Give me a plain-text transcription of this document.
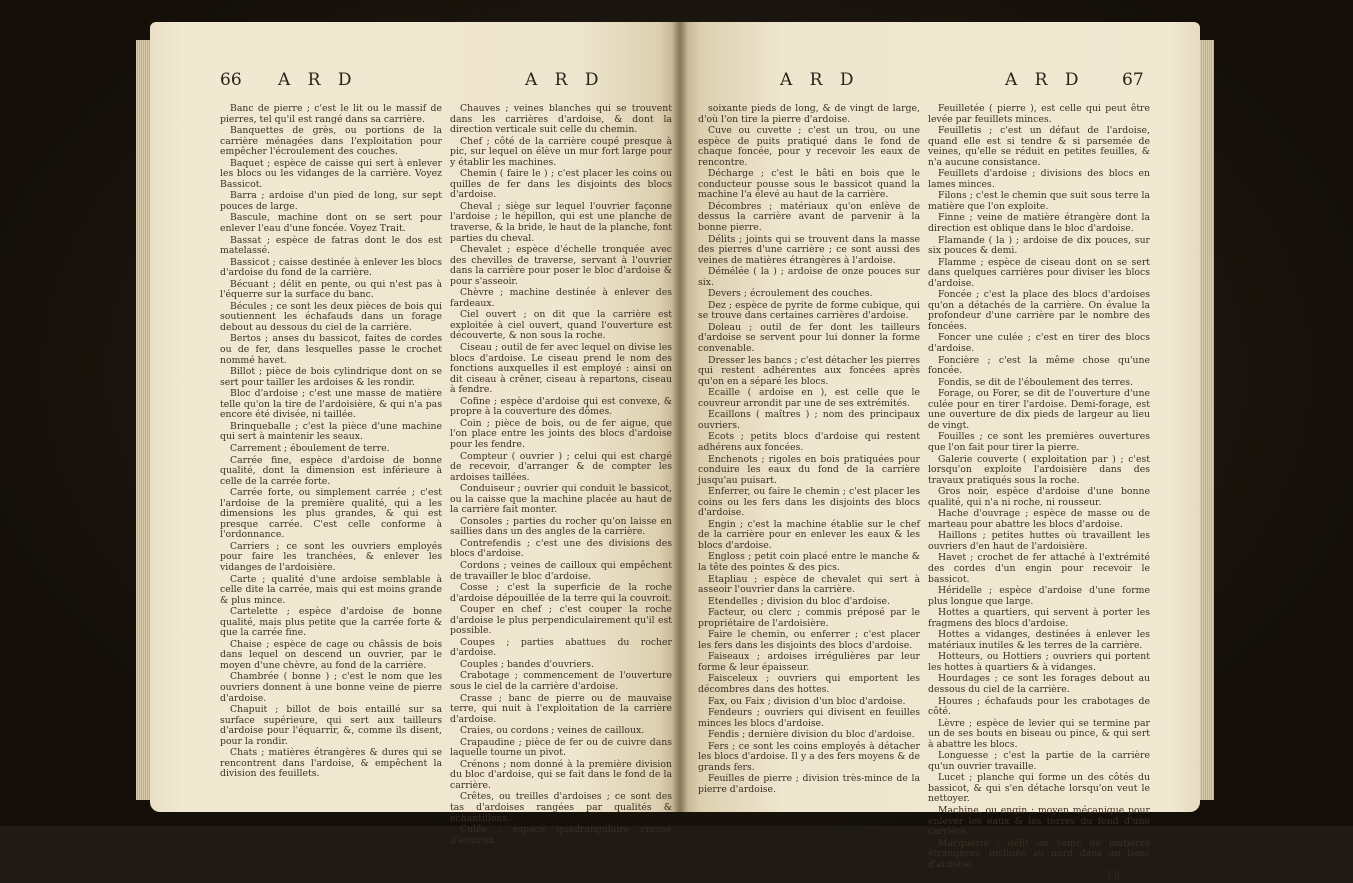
66 A R D	A R D

Banc de pierre ; c'est le lit ou le massif de pierres, tel qu'il est rangé dans sa carrière.

Banquettes de grès, ou portions de la carrière ménagées dans l'exploitation pour empêcher l'écroulement des couches.

Baquet ; espèce de caisse qui sert à enlever les blocs ou les vidanges de la carrière. Voyez Bassicot.

Barra ; ardoise d'un pied de long, sur sept pouces de large.

Bascule, machine dont on se sert pour enlever l'eau d'une foncée. Voyez Trait.

Bassat ; espèce de fatras dont le dos est matelassé.

Bassicot ; caisse destinée à enlever les blocs d'ardoise du fond de la carrière.

Bécuant ; délit en pente, ou qui n'est pas à l'équerre sur la surface du banc.

Bécules ; ce sont les deux pièces de bois qui soutiennent les échafauds dans un forage debout au dessous du ciel de la carrière.

Bertos ; anses du bassicot, faites de cordes ou de fer, dans lesquelles passe le crochet nommé havet.

Billot ; pièce de bois cylindrique dont on se sert pour tailler les ardoises & les rondir.

Bloc d'ardoise ; c'est une masse de matière telle qu'on la tire de l'ardoisière, & qui n'a pas encore été divisée, ni taillée.

Brinqueballe ; c'est la pièce d'une machine qui sert à maintenir les seaux.

Carrement ; éboulement de terre.

Carrée fine, espèce d'ardoise de bonne qualité, dont la dimension est inférieure à celle de la carrée forte.

Carrée forte, ou simplement carrée ; c'est l'ardoise de la première qualité, qui a les dimensions les plus grandes, & qui est presque carrée. C'est celle conforme à l'ordonnance.

Carriers ; ce sont les ouvriers employés pour faire les tranchées, & enlever les vidanges de l'ardoisière.

Carte ; qualité d'une ardoise semblable à celle dite la carrée, mais qui est moins grande & plus mince.

Cartelette ; espèce d'ardoise de bonne qualité, mais plus petite que la carrée forte & que la carrée fine.

Chaise ; espèce de cage ou châssis de bois dans lequel on descend un ouvrier, par le moyen d'une chèvre, au fond de la carrière.

Chambrée ( bonne ) ; c'est le nom que les ouvriers donnent à une bonne veine de pierre d'ardoise.

Chapuit ; billot de bois entaillé sur sa surface supérieure, qui sert aux tailleurs d'ardoise pour l'équarrir, &, comme ils disent, pour la rondir.

Chats ; matières étrangères & dures qui se rencontrent dans l'ardoise, & empêchent la division des feuillets.

Chauves ; veines blanches qui se trouvent dans les carrières d'ardoise, & dont la direction verticale suit celle du chemin.

Chef ; côté de la carrière coupé presque à pic, sur lequel on élève un mur fort large pour y établir les machines.

Chemin ( faire le ) ; c'est placer les coins ou quilles de fer dans les disjoints des blocs d'ardoise.

Cheval ; siège sur lequel l'ouvrier façonne l'ardoise ; le hépillon, qui est une planche de traverse, & la bride, le haut de la planche, font parties du cheval.

Chevalet ; espèce d'échelle tronquée avec des chevilles de traverse, servant à l'ouvrier dans la carrière pour poser le bloc d'ardoise & pour s'asseoir.

Chèvre ; machine destinée à enlever des fardeaux.

Ciel ouvert ; on dit que la carrière est exploitée à ciel ouvert, quand l'ouverture est découverte, & non sous la roche.

Ciseau ; outil de fer avec lequel on divise les blocs d'ardoise. Le ciseau prend le nom des fonctions auxquelles il est employé : ainsi on dit ciseau à crêner, ciseau à repartons, ciseau à fendre.

Cofine ; espèce d'ardoise qui est convexe, & propre à la couverture des dômes.

Coin ; pièce de bois, ou de fer aigue, que l'on place entre les joints des blocs d'ardoise pour les fendre.

Compteur ( ouvrier ) ; celui qui est chargé de recevoir, d'arranger & de compter les ardoises taillées.

Conduiseur ; ouvrier qui conduit le bassicot, ou la caisse que la machine placée au haut de la carrière fait monter.

Consoles ; parties du rocher qu'on laisse en saillies dans un des angles de la carrière.

Contrefendis ; c'est une des divisions des blocs d'ardoise.

Cordons ; veines de cailloux qui empêchent de travailler le bloc d'ardoise.

Cosse ; c'est la superficie de la roche d'ardoise dépouillée de la terre qui la couvroit.

Couper en chef ; c'est couper la roche d'ardoise le plus perpendiculairement qu'il est possible.

Coupes ; parties abattues du rocher d'ardoise.

Couples ; bandes d'ouvriers.

Crabotage ; commencement de l'ouverture sous le ciel de la carrière d'ardoise.

Crasse ; banc de pierre ou de mauvaise terre, qui nuit à l'exploitation de la carrière d'ardoise.

Craies, ou cordons ; veines de cailloux.

Crapaudine ; pièce de fer ou de cuivre dans laquelle tourne un pivot.

Crénons ; nom donné à la première division du bloc d'ardoise, qui se fait dans le fond de la carrière.

Crêtes, ou treilles d'ardoises ; ce sont des tas d'ardoises rangées par qualités & échantillons.

Culée ; espace quadrangulaire creusé d'environ

A R D	A R D 67

soixante pieds de long, & de vingt de large, d'où l'on tire la pierre d'ardoise.

Cuve ou cuvette ; c'est un trou, ou une espèce de puits pratiqué dans le fond de chaque foncée, pour y recevoir les eaux de rencontre.

Décharge ; c'est le bâti en bois que le conducteur pousse sous le bassicot quand la machine l'a élevé au haut de la carrière.

Décombres ; matériaux qu'on enlève de dessus la carrière avant de parvenir à la bonne pierre.

Délits ; joints qui se trouvent dans la masse des pierres d'une carrière ; ce sont aussi des veines de matières étrangères à l'ardoise.

Démélée ( la ) ; ardoise de onze pouces sur six.

Devers ; écroulement des couches.

Dez ; espèce de pyrite de forme cubique, qui se trouve dans certaines carrières d'ardoise.

Doleau ; outil de fer dont les tailleurs d'ardoise se servent pour lui donner la forme convenable.

Dresser les bancs ; c'est détacher les pierres qui restent adhérentes aux foncées après qu'on en a séparé les blocs.

Ecaille ( ardoise en ), est celle que le couvreur arrondit par une de ses extrémités.

Ecaillons ( maîtres ) ; nom des principaux ouvriers.

Ecots ; petits blocs d'ardoise qui restent adhérens aux foncées.

Enchenots ; rigoles en bois pratiquées pour conduire les eaux du fond de la carrière jusqu'au puisart.

Enferrer, ou faire le chemin ; c'est placer les coins ou les fers dans les disjoints des blocs d'ardoise.

Engin ; c'est la machine établie sur le chef de la carrière pour en enlever les eaux & les blocs d'ardoise.

Engloss ; petit coin placé entre le manche & la tête des pointes & des pics.

Etapliau ; espèce de chevalet qui sert à asseoir l'ouvrier dans la carrière.

Etendelles ; division du bloc d'ardoise.

Facteur, ou clerc ; commis préposé par le propriétaire de l'ardoisière.

Faire le chemin, ou enferrer ; c'est placer les fers dans les disjoints des blocs d'ardoise.

Faiseaux ; ardoises irrégulières par leur forme & leur épaisseur.

Faisceleux ; ouvriers qui emportent les décombres dans des hottes.

Fax, ou Faix ; division d'un bloc d'ardoise.

Fendeurs ; ouvriers qui divisent en feuilles minces les blocs d'ardoise.

Fendis ; dernière division du bloc d'ardoise.

Fers ; ce sont les coins employés à détacher les blocs d'ardoise. Il y a des fers moyens & de grands fers.

Feuilles de pierre ; division très-mince de la pierre d'ardoise.

Feuilletée ( pierre ), est celle qui peut être levée par feuillets minces.

Feuilletis ; c'est un défaut de l'ardoise, quand elle est si tendre & si parsemée de veines, qu'elle se réduit en petites feuilles, & n'a aucune consistance.

Feuillets d'ardoise ; divisions des blocs en lames minces.

Filons ; c'est le chemin que suit sous terre la matière que l'on exploite.

Finne ; veine de matière étrangère dont la direction est oblique dans le bloc d'ardoise.

Flamande ( la ) ; ardoise de dix pouces, sur six pouces & demi.

Flamme ; espèce de ciseau dont on se sert dans quelques carrières pour diviser les blocs d'ardoise.

Foncée ; c'est la place des blocs d'ardoises qu'on a détachés de la carrière. On évalue la profondeur d'une carrière par le nombre des foncées.

Foncer une culée ; c'est en tirer des blocs d'ardoise.

Foncière ; c'est la même chose qu'une foncée.

Fondis, se dit de l'éboulement des terres.

Forage, ou Forer, se dit de l'ouverture d'une culée pour en tirer l'ardoise. Demi-forage, est une ouverture de dix pieds de largeur au lieu de vingt.

Fouilles ; ce sont les premières ouvertures que l'on fait pour tirer la pierre.

Galerie couverte ( exploitation par ) ; c'est lorsqu'on exploite l'ardoisière dans des travaux pratiqués sous la roche.

Gros noir, espèce d'ardoise d'une bonne qualité, qui n'a ni roche, ni rousseur.

Hache d'ouvrage ; espèce de masse ou de marteau pour abattre les blocs d'ardoise.

Haillons ; petites huttes où travaillent les ouvriers d'en haut de l'ardoisière.

Havet ; crochet de fer attaché à l'extrémité des cordes d'un engin pour recevoir le bassicot.

Héridelle ; espèce d'ardoise d'une forme plus longue que large.

Hottes a quartiers, qui servent à porter les fragmens des blocs d'ardoise.

Hottes a vidanges, destinées à enlever les matériaux inutiles & les terres de la carrière.

Hotteurs, ou Hottiers ; ouvriers qui portent les hottes à quartiers & à vidanges.

Hourdages ; ce sont les forages debout au dessous du ciel de la carrière.

Houres ; échafauds pour les crabotages de côté.

Lèvre ; espèce de levier qui se termine par un de ses bouts en biseau ou pince, & qui sert à abattre les blocs.

Longuesse ; c'est la partie de la carrière qu'un ouvrier travaille.

Lucet ; planche qui forme un des côtés du bassicot, & qui s'en détache lorsqu'on veut le nettoyer.

Machine, ou engin ; moyen mécanique pour enlever les eaux & les terres du fond d'une carrière.

Macquerie ; délit ou veine de matières étrangères, inclinée au nord dans un banc d'ardoise.

I ij
